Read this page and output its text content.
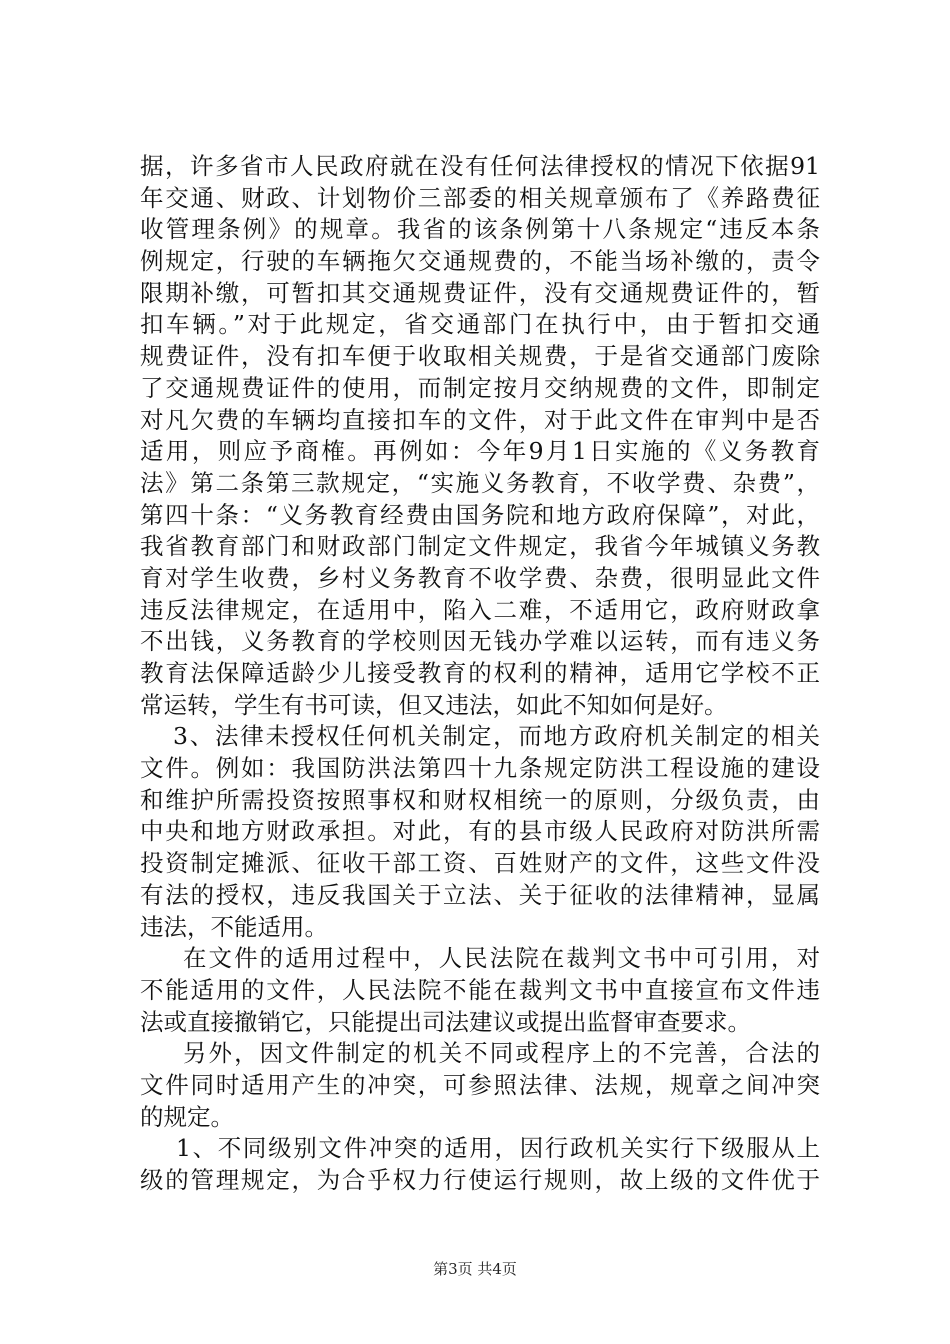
据，许多省市人民政府就在没有任何法律授权的情况下依据91
年交通、财政、计划物价三部委的相关规章颁布了《养路费征
收管理条例》的规章。我省的该条例第十八条规定“违反本条
例规定，行驶的车辆拖欠交通规费的，不能当场补缴的，责令
限期补缴，可暂扣其交通规费证件，没有交通规费证件的，暂
扣车辆。”对于此规定，省交通部门在执行中，由于暂扣交通
规费证件，没有扣车便于收取相关规费，于是省交通部门废除
了交通规费证件的使用，而制定按月交纳规费的文件，即制定
对凡欠费的车辆均直接扣车的文件，对于此文件在审判中是否
适用，则应予商榷。再例如：今年9月1日实施的《义务教育
法》第二条第三款规定，“实施义务教育，不收学费、杂费”，
第四十条：“义务教育经费由国务院和地方政府保障”，对此，
我省教育部门和财政部门制定文件规定，我省今年城镇义务教
育对学生收费，乡村义务教育不收学费、杂费，很明显此文件
违反法律规定，在适用中，陷入二难，不适用它，政府财政拿
不出钱，义务教育的学校则因无钱办学难以运转，而有违义务
教育法保障适龄少儿接受教育的权利的精神，适用它学校不正
常运转，学生有书可读，但又违法，如此不知如何是好。
3、法律未授权任何机关制定，而地方政府机关制定的相关
文件。例如：我国防洪法第四十九条规定防洪工程设施的建设
和维护所需投资按照事权和财权相统一的原则，分级负责，由
中央和地方财政承担。对此，有的县市级人民政府对防洪所需
投资制定摊派、征收干部工资、百姓财产的文件，这些文件没
有法的授权，违反我国关于立法、关于征收的法律精神，显属
违法，不能适用。
在文件的适用过程中，人民法院在裁判文书中可引用，对
不能适用的文件，人民法院不能在裁判文书中直接宣布文件违
法或直接撤销它，只能提出司法建议或提出监督审查要求。
另外，因文件制定的机关不同或程序上的不完善，合法的
文件同时适用产生的冲突，可参照法律、法规，规章之间冲突
的规定。
1、不同级别文件冲突的适用，因行政机关实行下级服从上
级的管理规定，为合乎权力行使运行规则，故上级的文件优于
第3页 共4页
